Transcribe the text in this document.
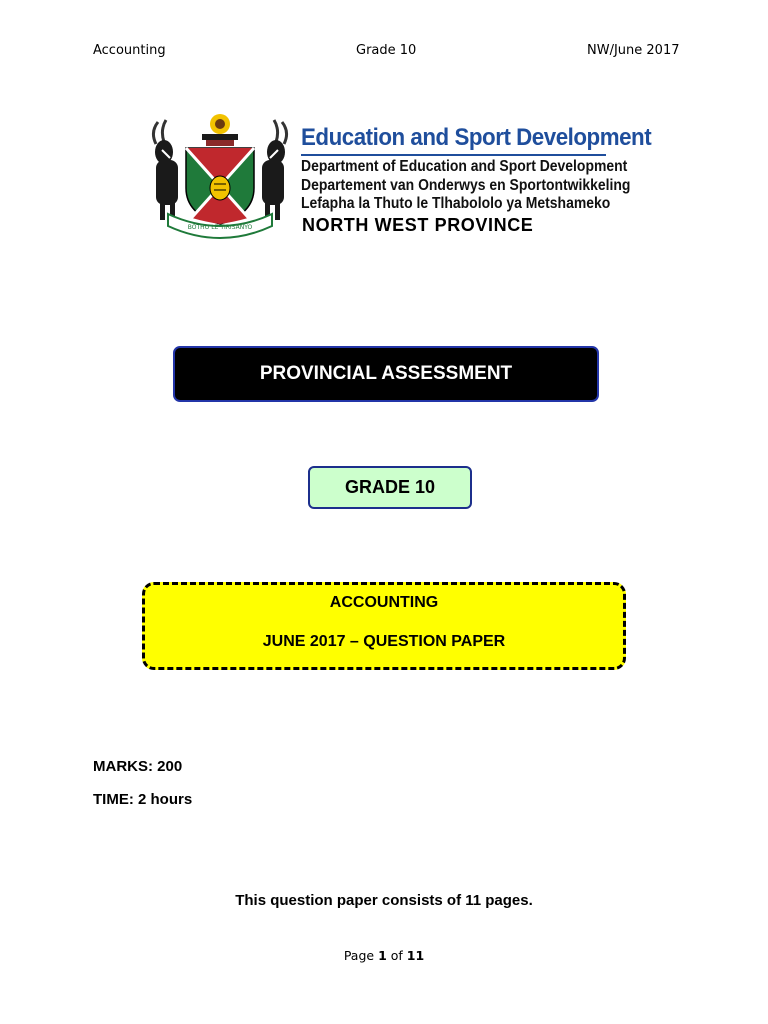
Accounting	Grade 10	NW/June 2017
BOTHO LE TIRISANYO
Education and Sport Development
Department of Education and Sport Development
Departement van Onderwys en Sportontwikkeling
Lefapha la Thuto le Tlhabololo ya Metshameko
NORTH WEST PROVINCE
PROVINCIAL ASSESSMENT
GRADE 10
ACCOUNTING
JUNE 2017 – QUESTION PAPER
MARKS: 200
TIME: 2 hours
This question paper consists of 11 pages.
Page 1 of 11
